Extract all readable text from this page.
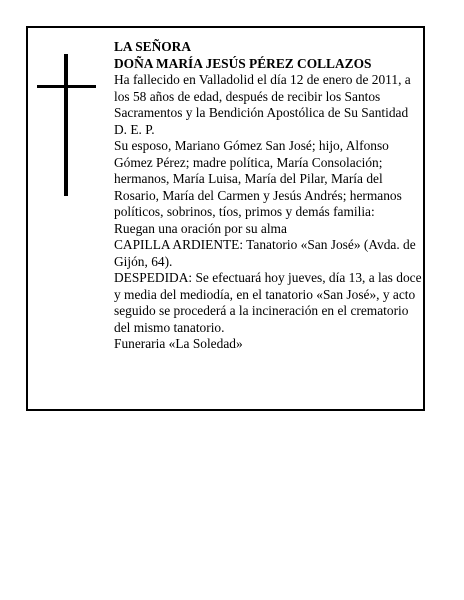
LA SEÑORA

DOÑA MARÍA JESÚS PÉREZ COLLAZOS

Ha fallecido en Valladolid el día 12 de enero de 2011, a los 58 años de edad, después de recibir los Santos Sacramentos y la Bendición Apostólica de Su Santidad

D. E. P.

Su esposo, Mariano Gómez San José; hijo, Alfonso Gómez Pérez; madre política, María Consolación; hermanos, María Luisa, María del Pilar, María del Rosario, María del Carmen y Jesús Andrés; hermanos políticos, sobrinos, tíos, primos y demás familia:

Ruegan una oración por su alma

CAPILLA ARDIENTE: Tanatorio «San José» (Avda. de Gijón, 64).

DESPEDIDA: Se efectuará hoy jueves, día 13, a las doce y media del mediodía, en el tanatorio «San José», y acto seguido se procederá a la incineración en el crematorio del mismo tanatorio.

Funeraria «La Soledad»
